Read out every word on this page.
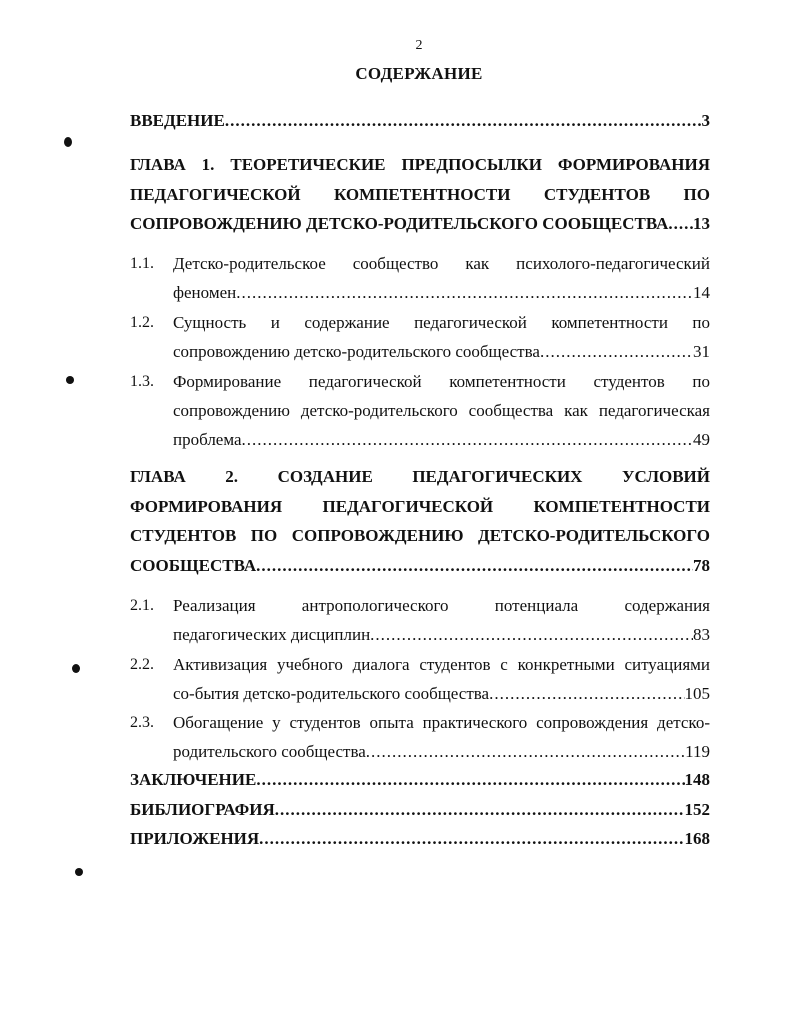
2
СОДЕРЖАНИЕ
ВВЕДЕНИЕ .....	3
ГЛАВА 1. ТЕОРЕТИЧЕСКИЕ ПРЕДПОСЫЛКИ ФОРМИРОВАНИЯ
ПЕДАГОГИЧЕСКОЙ КОМПЕТЕНТНОСТИ СТУДЕНТОВ ПО
СОПРОВОЖДЕНИЮ ДЕТСКО-РОДИТЕЛЬСКОГО СООБЩЕСТВА ..... 13
1.1. Детско-родительское сообщество как психолого-педагогический
феномен .....	14
1.2. Сущность и содержание педагогической компетентности по
сопровождению детско-родительского сообщества .....	31
1.3. Формирование педагогической компетентности студентов по
сопровождению детско-родительского сообщества как педагогическая
проблема .....	49
ГЛАВА 2. СОЗДАНИЕ ПЕДАГОГИЧЕСКИХ УСЛОВИЙ
ФОРМИРОВАНИЯ ПЕДАГОГИЧЕСКОЙ КОМПЕТЕНТНОСТИ
СТУДЕНТОВ ПО СОПРОВОЖДЕНИЮ ДЕТСКО-РОДИТЕЛЬСКОГО
СООБЩЕСТВА .....	78
2.1. Реализация антропологического потенциала содержания
педагогических дисциплин .....	83
2.2. Активизация учебного диалога студентов с конкретными ситуациями
со-бытия детско-родительского сообщества .....	105
2.3. Обогащение у студентов опыта практического сопровождения детско-
родительского сообщества .....	119
ЗАКЛЮЧЕНИЕ .....	148
БИБЛИОГРАФИЯ .....	152
ПРИЛОЖЕНИЯ .....	168
